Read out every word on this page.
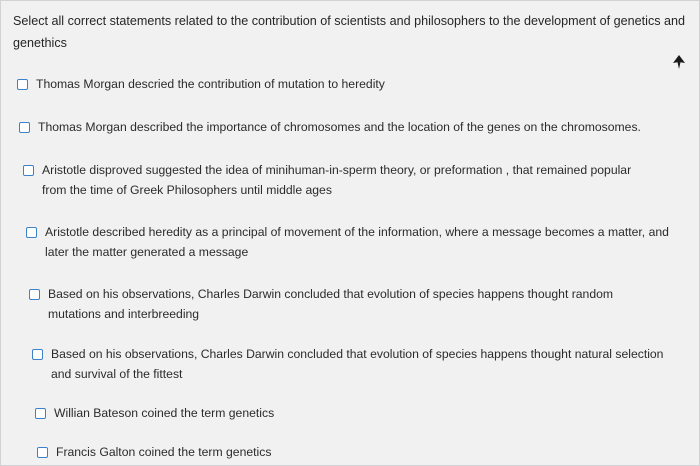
Select all correct statements related to the contribution of scientists and philosophers to the development of genetics and genethics
Thomas Morgan descried the contribution of mutation to heredity
Thomas Morgan described the importance of chromosomes and the location of the genes on the chromosomes.
Aristotle disproved suggested the idea of minihuman-in-sperm theory, or preformation , that remained popular from the time of Greek Philosophers until middle ages
Aristotle described heredity as a principal of movement of the information, where a message becomes a matter, and later the matter generated a message
Based on his observations, Charles Darwin concluded that evolution of species happens thought random mutations and interbreeding
Based on his observations, Charles Darwin concluded that evolution of species happens thought natural selection and survival of the fittest
Willian Bateson coined the term genetics
Francis Galton coined the term genetics
